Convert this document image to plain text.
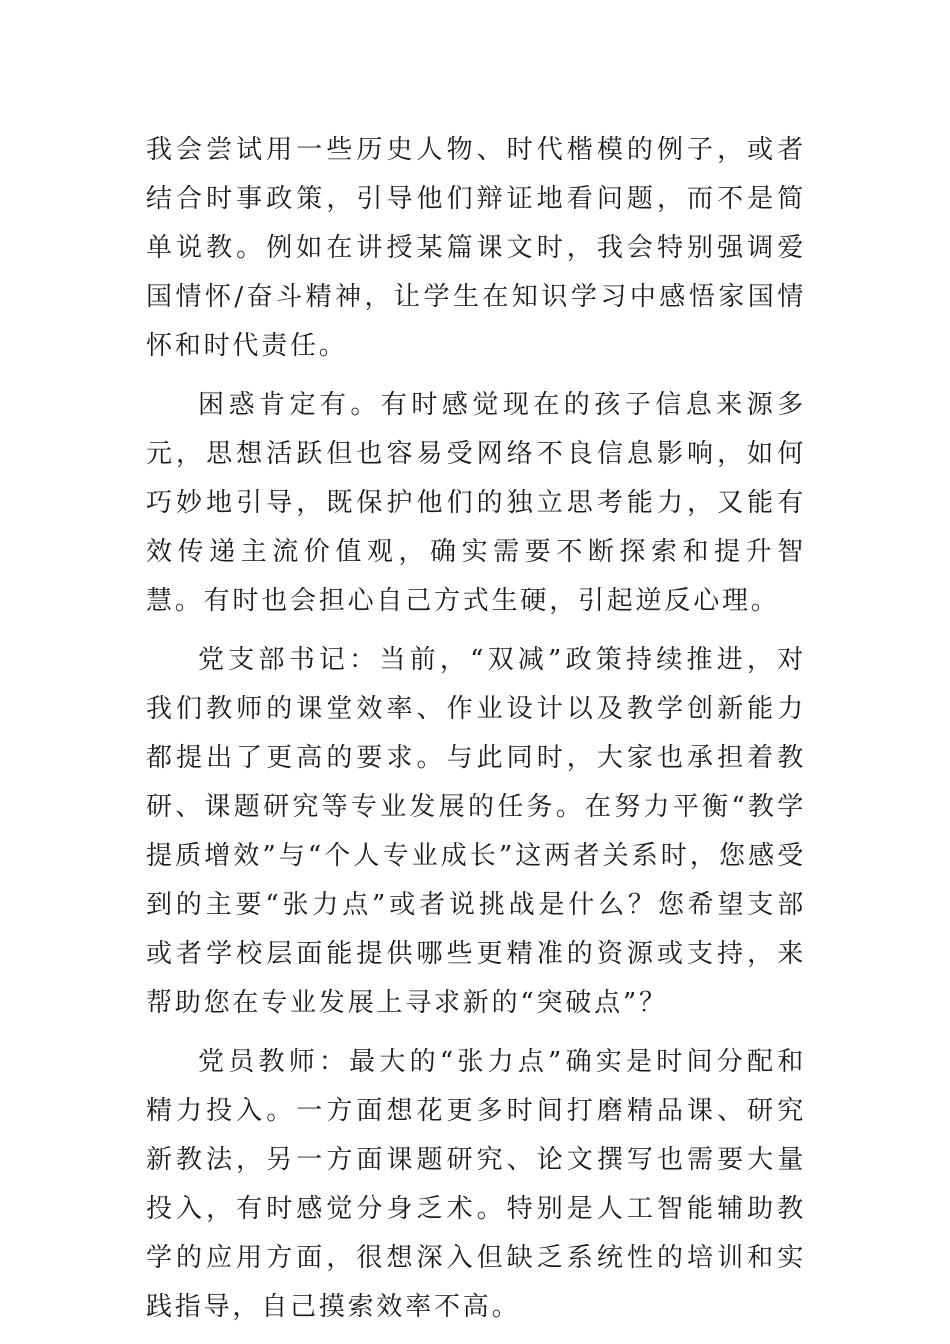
我会尝试用一些历史人物、时代楷模的例子，或者结合时事政策，引导他们辩证地看问题，而不是简单说教。例如在讲授某篇课文时，我会特别强调爱国情怀/奋斗精神，让学生在知识学习中感悟家国情怀和时代责任。

困惑肯定有。有时感觉现在的孩子信息来源多元，思想活跃但也容易受网络不良信息影响，如何巧妙地引导，既保护他们的独立思考能力，又能有效传递主流价值观，确实需要不断探索和提升智慧。有时也会担心自己方式生硬，引起逆反心理。

党支部书记：当前，“双减”政策持续推进，对我们教师的课堂效率、作业设计以及教学创新能力都提出了更高的要求。与此同时，大家也承担着教研、课题研究等专业发展的任务。在努力平衡“教学提质增效”与“个人专业成长”这两者关系时，您感受到的主要“张力点”或者说挑战是什么？您希望支部或者学校层面能提供哪些更精准的资源或支持，来帮助您在专业发展上寻求新的“突破点”？

党员教师：最大的“张力点”确实是时间分配和精力投入。一方面想花更多时间打磨精品课、研究新教法，另一方面课题研究、论文撰写也需要大量投入，有时感觉分身乏术。特别是人工智能辅助教学的应用方面，很想深入但缺乏系统性的培训和实践指导，自己摸索效率不高。
